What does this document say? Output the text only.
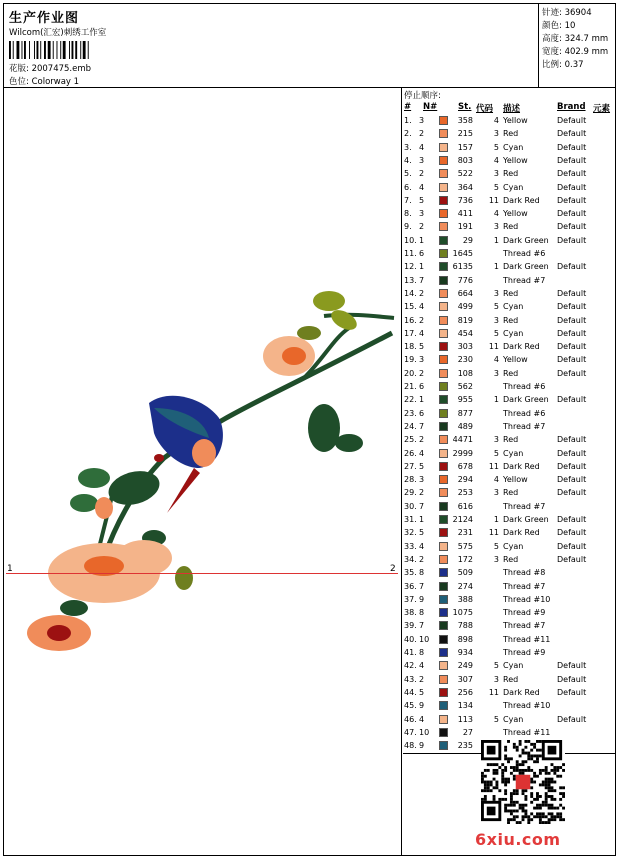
生产作业图
Wilcom(汇宏)刺绣工作室
花版: 2007475.emb
色位: Colorway 1
针迹: 36904
颜色: 10
高度: 324.7 mm
宽度: 402.9 mm
比例: 0.37
1	2
停止顺序:
# N# St. 代码 描述	Brand 元素
1. 3	358	4 Yellow	Default
2. 2	215	3 Red	Default
3. 4	157	5 Cyan	Default
4. 3	803	4 Yellow	Default
5. 2	522	3 Red	Default
6. 4	364	5 Cyan	Default
7. 5	736	11 Dark Red Default
8. 3	411	4 Yellow	Default
9. 2	191	3 Red	Default
10. 1	29	1 Dark Green Default
11. 6	1645	Thread #6
12. 1	6135	1 Dark Green Default
13. 7	776	Thread #7
14. 2	664	3 Red	Default
15. 4	499	5 Cyan	Default
16. 2	819	3 Red	Default
17. 4	454	5 Cyan	Default
18. 5	303	11 Dark Red Default
19. 3	230	4 Yellow	Default
20. 2	108	3 Red	Default
21. 6	562	Thread #6
22. 1	955	1 Dark Green Default
23. 6	877	Thread #6
24. 7	489	Thread #7
25. 2	4471	3 Red	Default
26. 4	2999	5 Cyan	Default
27. 5	678	11 Dark Red Default
28. 3	294	4 Yellow	Default
29. 2	253	3 Red	Default
30. 7	616	Thread #7
31. 1	2124	1 Dark Green Default
32. 5	231	11 Dark Red Default
33. 4	575	5 Cyan	Default
34. 2	172	3 Red	Default
35. 8	509	Thread #8
36. 7	274	Thread #7
37. 9	388	Thread #10
38. 8	1075	Thread #9
39. 7	788	Thread #7
40. 10	898	Thread #11
41. 8	934	Thread #9
42. 4	249	5 Cyan	Default
43. 2	307	3 Red	Default
44. 5	256	11 Dark Red Default
45. 9	134	Thread #10
46. 4	113	5 Cyan	Default
47. 10	27	Thread #11
48. 9	235
6xiu.com
